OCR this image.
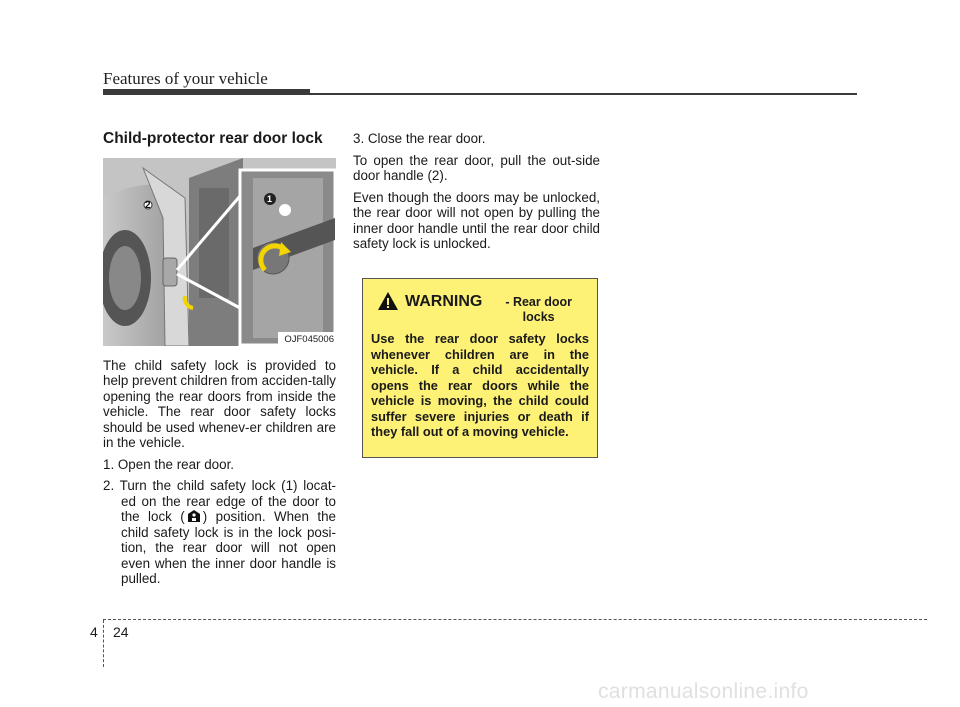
Features of your vehicle
Child-protector rear door lock
1
2
OJF045006

The child safety lock is provided to help prevent children from acciden-tally opening the rear doors from inside the vehicle. The rear door safety locks should be used whenev-er children are in the vehicle.

1. Open the rear door.
2. Turn the child safety lock (1) locat-ed on the rear edge of the door to the lock ( ) position. When the child safety lock is in the lock posi-tion, the rear door will not open even when the inner door handle is pulled.

3. Close the rear door.

To open the rear door, pull the out-side door handle (2).

Even though the doors may be unlocked, the rear door will not open by pulling the inner door handle until the rear door child safety lock is unlocked.

WARNING	- Rear door locks
Use the rear door safety locks whenever children are in the vehicle. If a child accidentally opens the rear doors while the vehicle is moving, the child could suffer severe injuries or death if they fall out of a moving vehicle.
4 24
carmanualsonline.info
